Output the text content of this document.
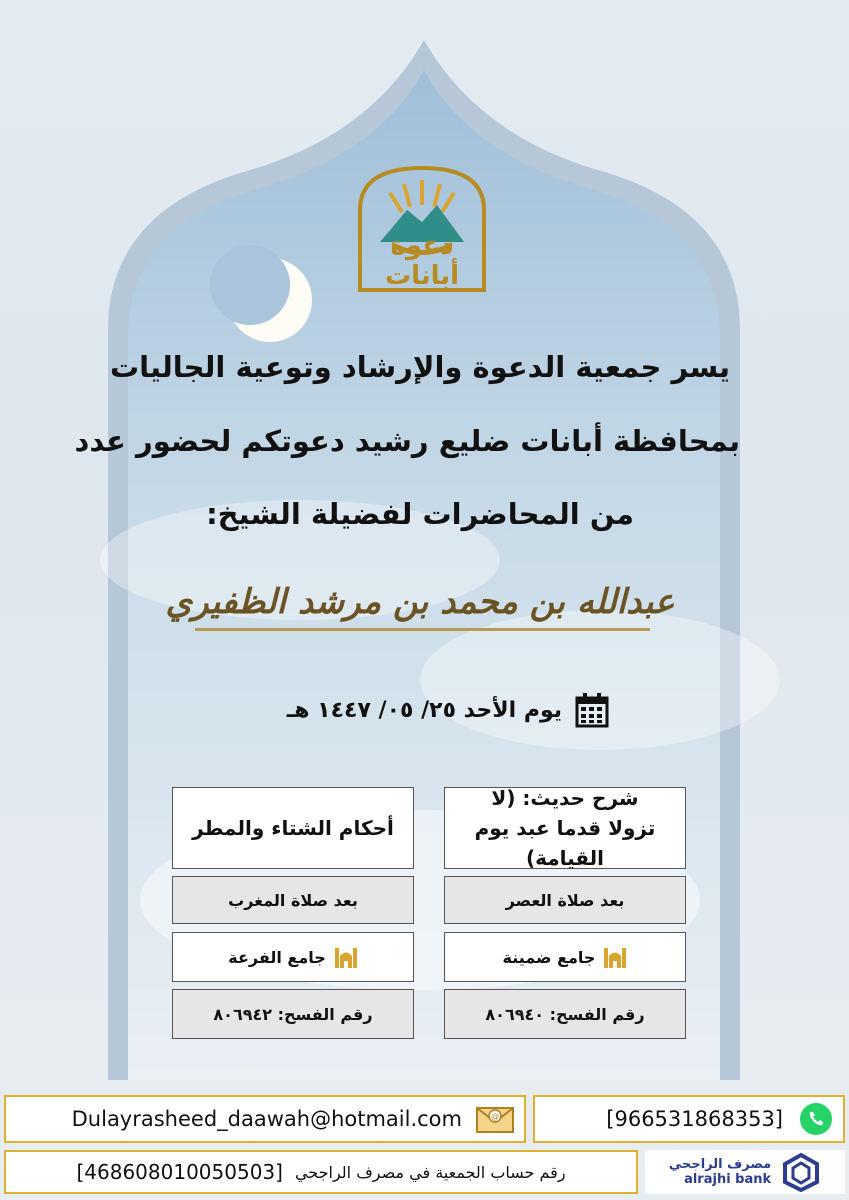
دعوة أبانات
يسر جمعية الدعوة والإرشاد وتوعية الجاليات
بمحافظة أبانات ضليع رشيد دعوتكم لحضور عدد
من المحاضرات لفضيلة الشيخ:
عبدالله بن محمد بن مرشد الظفيري
يوم الأحد ٢٥/ ٠٥/ ١٤٤٧ هـ
شرح حديث: (لا تزولا قدما عبد يوم القيامة)
بعد صلاة العصر
جامع ضمينة
رقم الفسح: ٨٠٦٩٤٠
أحكام الشتاء والمطر
بعد صلاة المغرب
جامع الفرعة
رقم الفسح: ٨٠٦٩٤٢
Dulayrasheed_daawah@hotmail.com	@	[966531868353]
رقم حساب الجمعية في مصرف الراجحي
[468608010050503]	مصرف الراجحي
alrajhi bank
